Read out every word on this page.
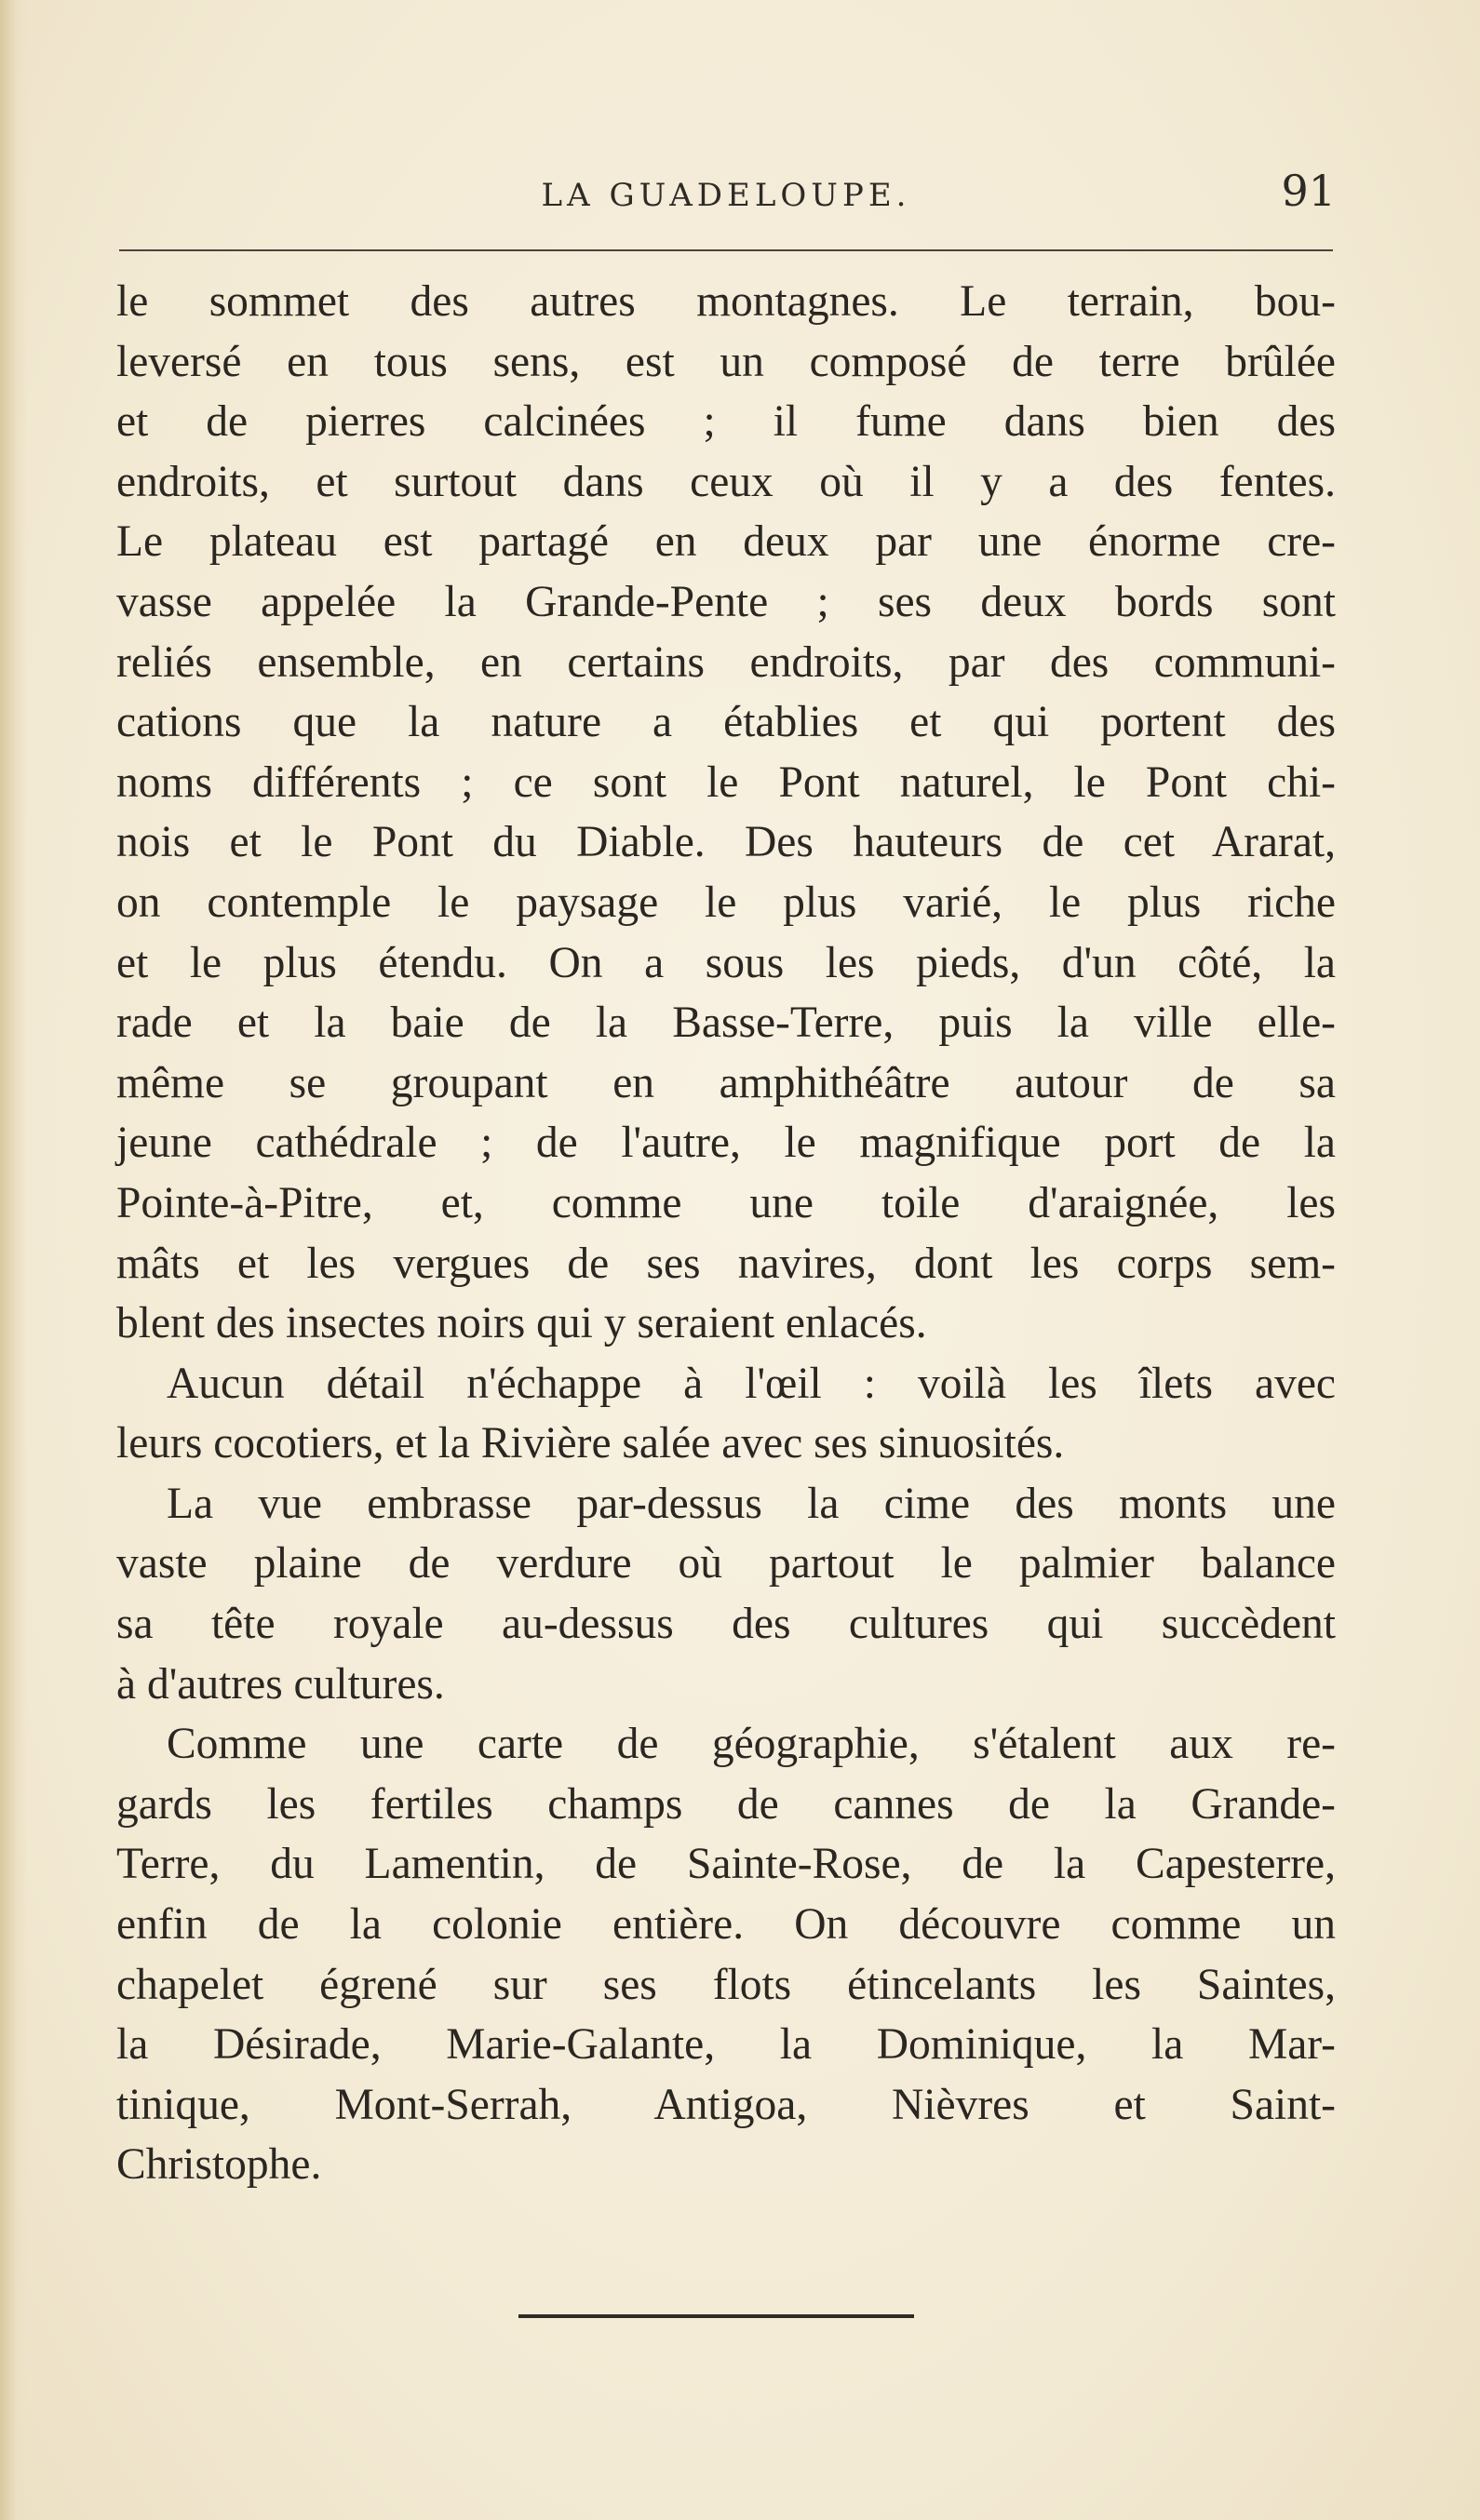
LA GUADELOUPE.	91
le sommet des autres montagnes. Le terrain, bou-
leversé en tous sens, est un composé de terre brûlée
et de pierres calcinées ; il fume dans bien des
endroits, et surtout dans ceux où il y a des fentes.
Le plateau est partagé en deux par une énorme cre-
vasse appelée la Grande-Pente ; ses deux bords sont
reliés ensemble, en certains endroits, par des communi-
cations que la nature a établies et qui portent des
noms différents ; ce sont le Pont naturel, le Pont chi-
nois et le Pont du Diable. Des hauteurs de cet Ararat,
on contemple le paysage le plus varié, le plus riche
et le plus étendu. On a sous les pieds, d'un côté, la
rade et la baie de la Basse-Terre, puis la ville elle-
même se groupant en amphithéâtre autour de sa
jeune cathédrale ; de l'autre, le magnifique port de la
Pointe-à-Pitre, et, comme une toile d'araignée, les
mâts et les vergues de ses navires, dont les corps sem-
blent des insectes noirs qui y seraient enlacés.
Aucun détail n'échappe à l'œil : voilà les îlets avec
leurs cocotiers, et la Rivière salée avec ses sinuosités.
La vue embrasse par-dessus la cime des monts une
vaste plaine de verdure où partout le palmier balance
sa tête royale au-dessus des cultures qui succèdent
à d'autres cultures.
Comme une carte de géographie, s'étalent aux re-
gards les fertiles champs de cannes de la Grande-
Terre, du Lamentin, de Sainte-Rose, de la Capesterre,
enfin de la colonie entière. On découvre comme un
chapelet égrené sur ses flots étincelants les Saintes,
la Désirade, Marie-Galante, la Dominique, la Mar-
tinique, Mont-Serrah, Antigoa, Nièvres et Saint-
Christophe.
